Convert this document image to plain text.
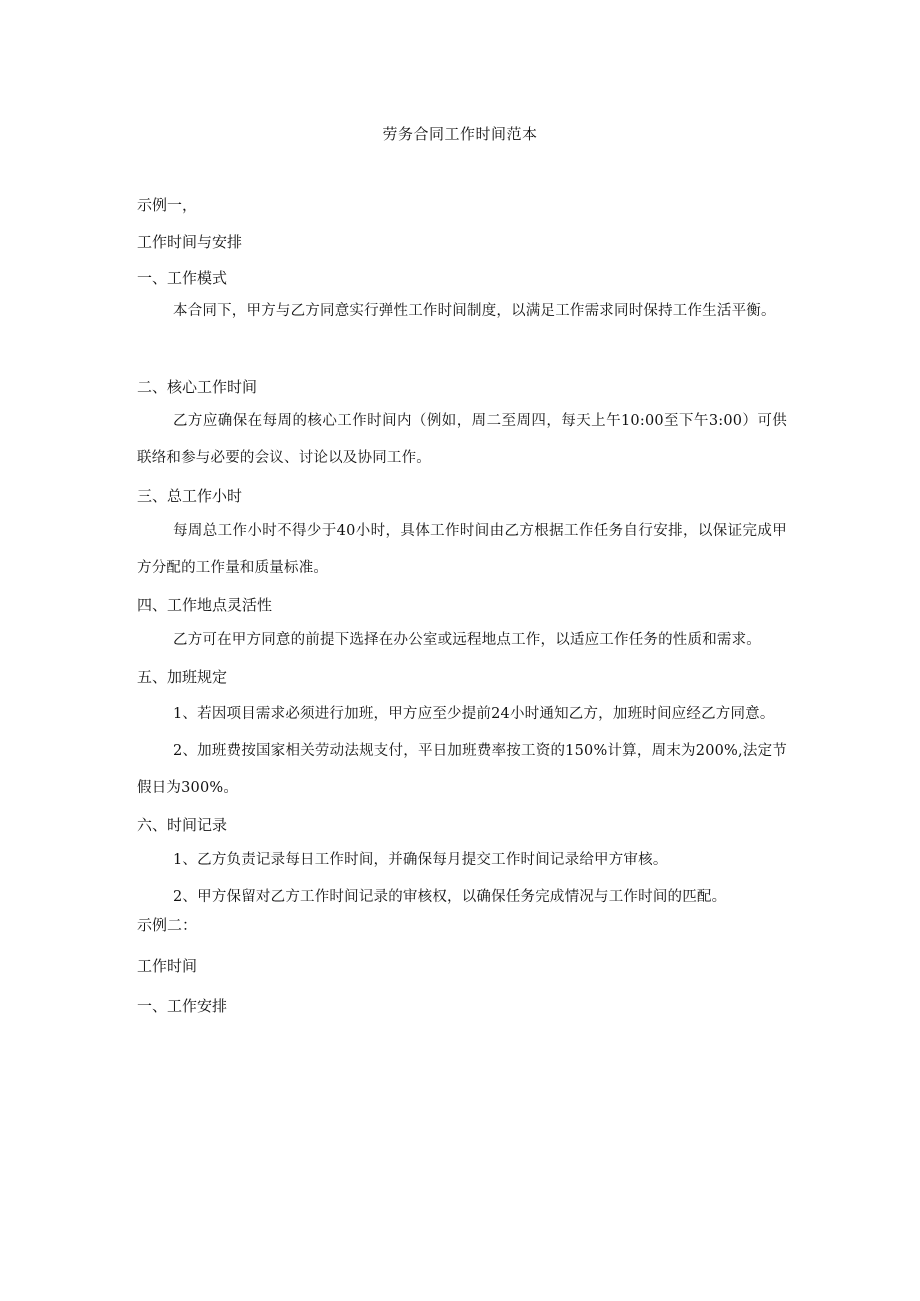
劳务合同工作时间范本
示例一，
工作时间与安排
一、工作模式
本合同下，甲方与乙方同意实行弹性工作时间制度，以满足工作需求同时保持工作生活平衡。
二、核心工作时间
乙方应确保在每周的核心工作时间内（例如，周二至周四，每天上午10:00至下午3:00）可供联络和参与必要的会议、讨论以及协同工作。
三、总工作小时
每周总工作小时不得少于40小时，具体工作时间由乙方根据工作任务自行安排，以保证完成甲方分配的工作量和质量标准。
四、工作地点灵活性
乙方可在甲方同意的前提下选择在办公室或远程地点工作，以适应工作任务的性质和需求。
五、加班规定
1、若因项目需求必须进行加班，甲方应至少提前24小时通知乙方，加班时间应经乙方同意。
2、加班费按国家相关劳动法规支付，平日加班费率按工资的150%计算，周末为200%,法定节假日为300%。
六、时间记录
1、乙方负责记录每日工作时间，并确保每月提交工作时间记录给甲方审核。
2、甲方保留对乙方工作时间记录的审核权，以确保任务完成情况与工作时间的匹配。
示例二：
工作时间
一、工作安排
